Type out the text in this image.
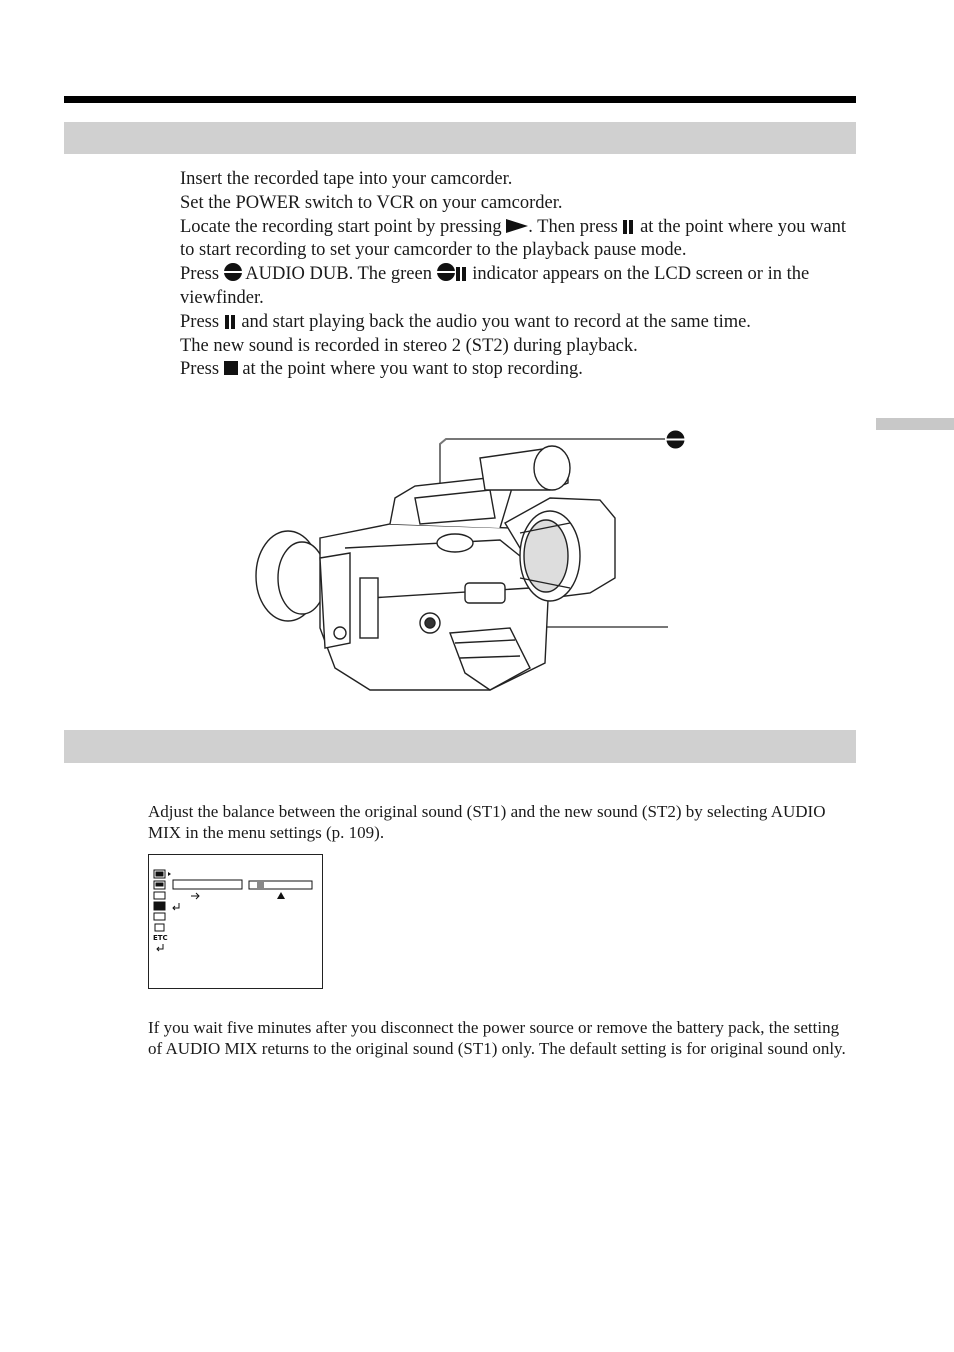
Insert the recorded tape into your camcorder.

Set the POWER switch to VCR on your camcorder.

Locate the recording start point by pressing . Then press at the point where you want to start recording to set your camcorder to the playback pause mode.

Press AUDIO DUB. The green indicator appears on the LCD screen or in the viewfinder.

Press and start playing back the audio you want to record at the same time.

The new sound is recorded in stereo 2 (ST2) during playback.

Press at the point where you want to stop recording.

Adjust the balance between the original sound (ST1) and the new sound (ST2) by selecting AUDIO MIX in the menu settings (p. 109).

ETC

If you wait five minutes after you disconnect the power source or remove the battery pack, the setting of AUDIO MIX returns to the original sound (ST1) only. The default setting is for original sound only.
